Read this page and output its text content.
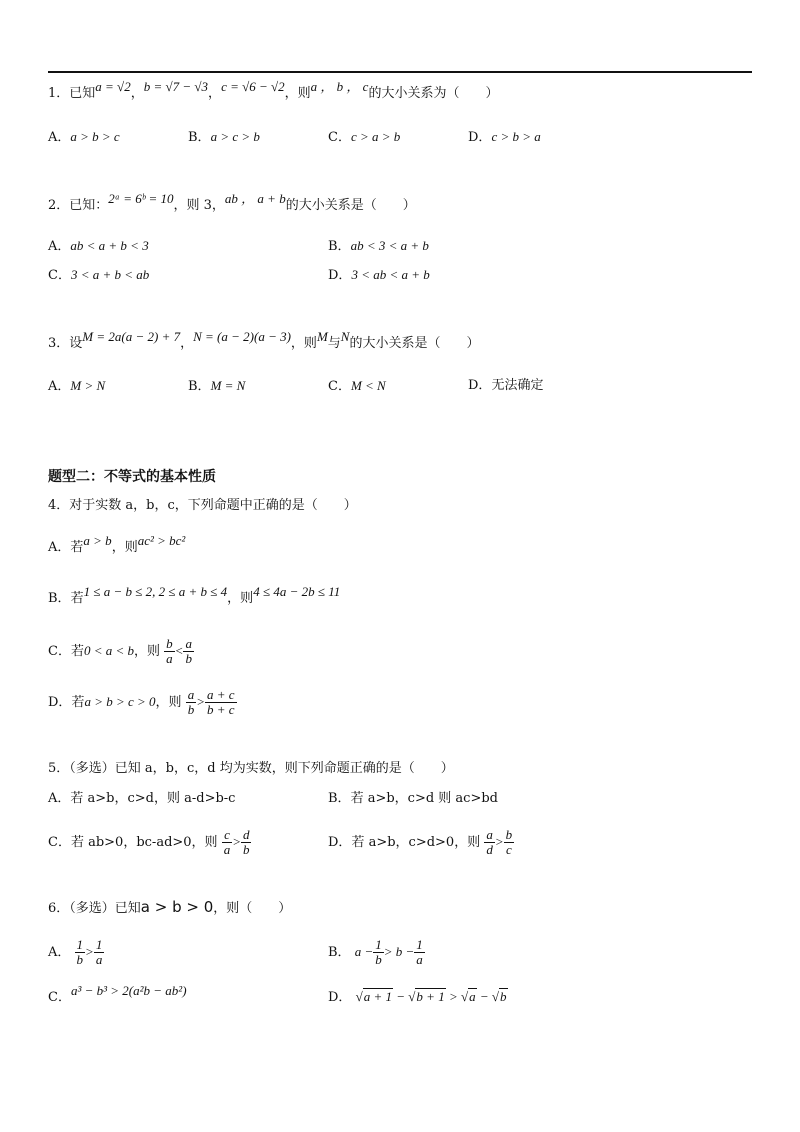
1．已知a = √2，b = √7 − √3，c = √6 − √2，则a ， b ， c的大小关系为（　　）
A．a > b > c	B．a > c > b	C．c > a > b	D．c > b > a
2．已知：2ᵃ = 6ᵇ = 10，则 3，ab ， a + b的大小关系是（　　）
A．ab < a + b < 3	B．ab < 3 < a + b
C．3 < a + b < ab	D．3 < ab < a + b
3．设M = 2a(a − 2) + 7，N = (a − 2)(a − 3)，则M与N的大小关系是（　　）
A．M > N	B．M = N	C．M < N	D．无法确定
题型二：不等式的基本性质
4．对于实数 a，b，c，下列命题中正确的是（　　）
A．若a > b，则ac² > bc²
B．若1 ≤ a − b ≤ 2, 2 ≤ a + b ≤ 4，则4 ≤ 4a − 2b ≤ 11
C．若0 < a < b，则 $\frac{b}{a} < \frac{a}{b}$
D．若a > b > c > 0，则 $\frac{a}{b} > \frac{a + c}{b + c}$
5．（多选）已知 a，b，c，d 均为实数，则下列命题正确的是（　　）
A．若 a>b，c>d，则 a-d>b-c	B．若 a>b，c>d 则 ac>bd
C．若 ab>0，bc-ad>0，则 $\frac{c}{a} > \frac{d}{b}$	D．若 a>b，c>d>0，则 $\frac{a}{d} > \frac{b}{c}$
6．（多选）已知a > b > 0，则（　　）
A． $\frac{1}{b} > \frac{1}{a}$	B． $a - \frac{1}{b} > b - \frac{1}{a}$
C．a³ − b³ > 2(a²b − ab²)	D． √a + 1 − √b + 1 > √a − √b
